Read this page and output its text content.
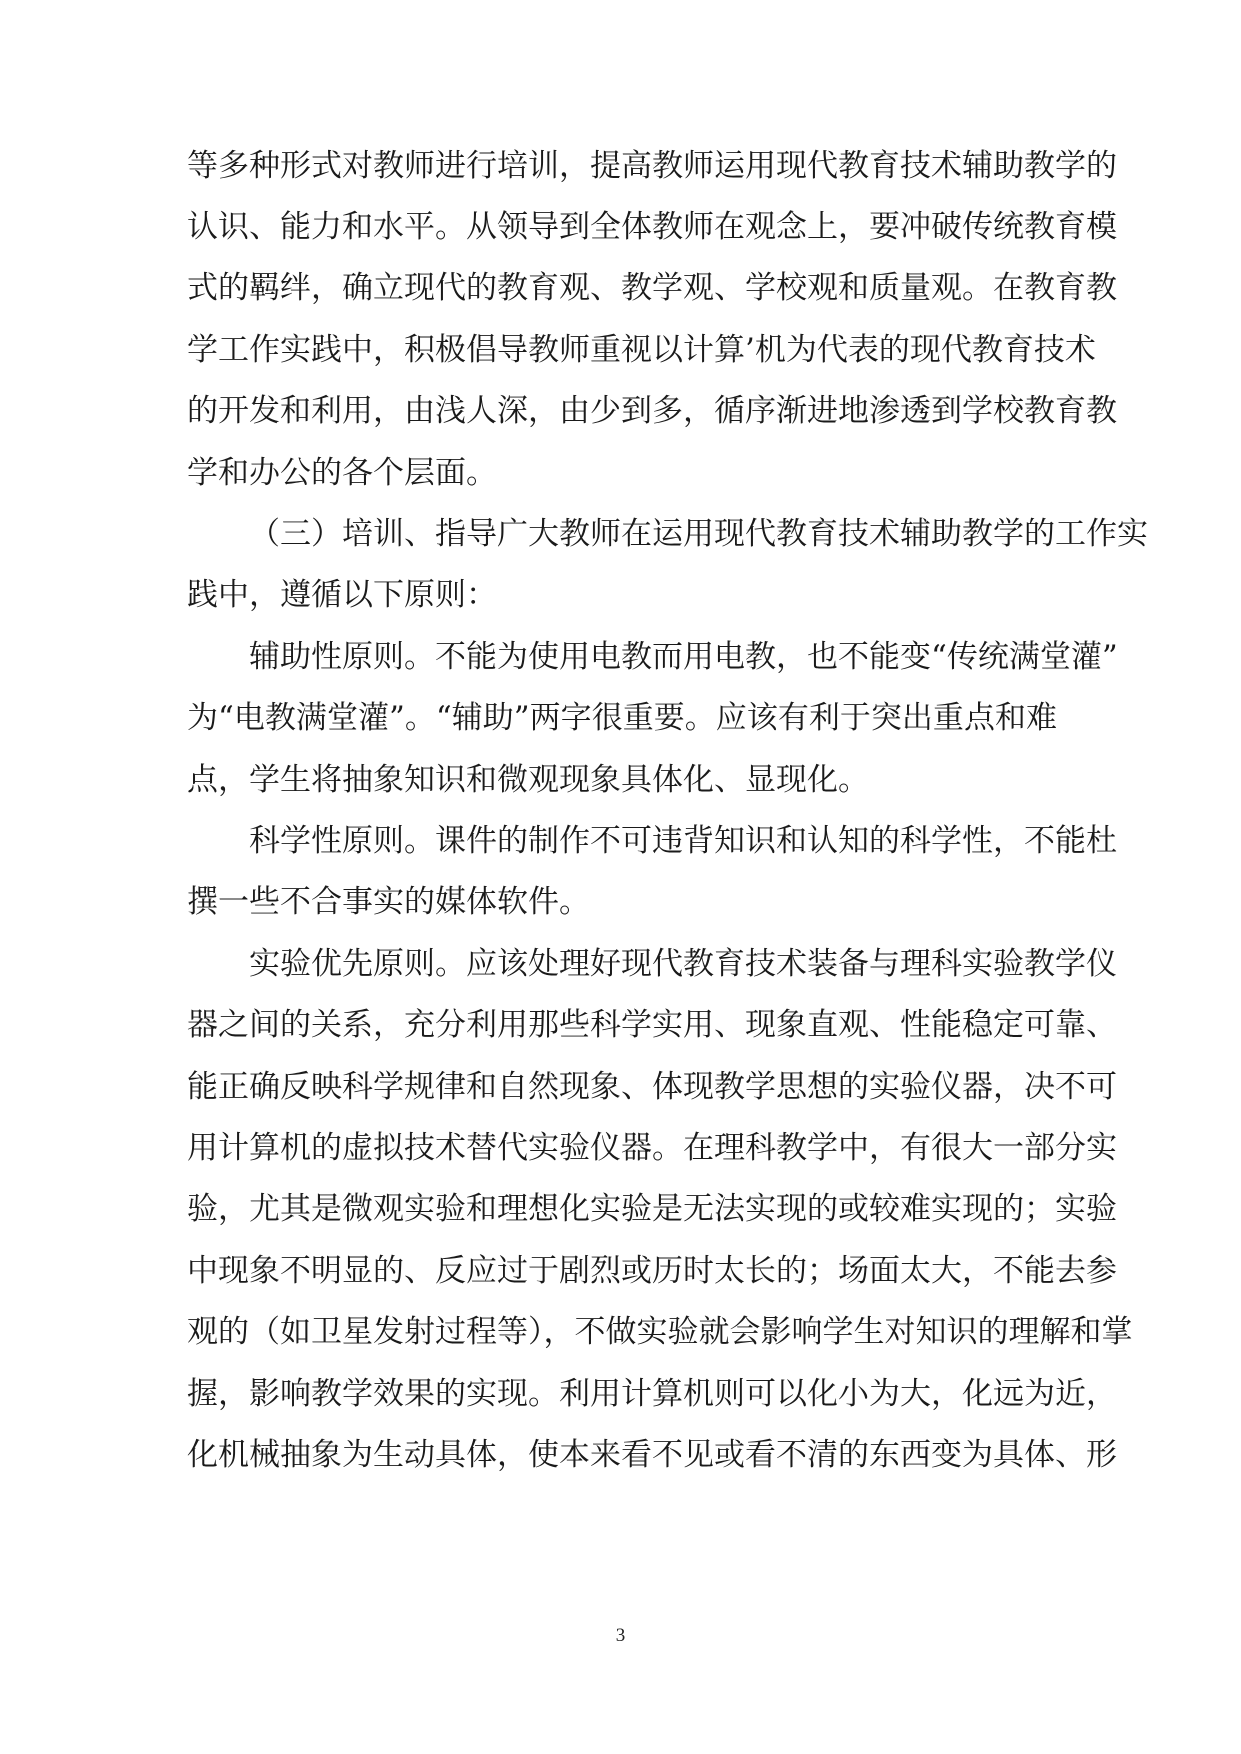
等多种形式对教师进行培训，提高教师运用现代教育技术辅助教学的
认识、能力和水平。从领导到全体教师在观念上，要冲破传统教育模
式的羁绊，确立现代的教育观、教学观、学校观和质量观。在教育教
学工作实践中，积极倡导教师重视以计算’机为代表的现代教育技术
的开发和利用，由浅人深，由少到多，循序渐进地渗透到学校教育教
学和办公的各个层面。
（三）培训、指导广大教师在运用现代教育技术辅助教学的工作实
践中，遵循以下原则：
辅助性原则。不能为使用电教而用电教，也不能变“传统满堂灌”
为“电教满堂灌”。“辅助”两字很重要。应该有利于突出重点和难
点，学生将抽象知识和微观现象具体化、显现化。
科学性原则。课件的制作不可违背知识和认知的科学性，不能杜
撰一些不合事实的媒体软件。
实验优先原则。应该处理好现代教育技术装备与理科实验教学仪
器之间的关系，充分利用那些科学实用、现象直观、性能稳定可靠、
能正确反映科学规律和自然现象、体现教学思想的实验仪器，决不可
用计算机的虚拟技术替代实验仪器。在理科教学中，有很大一部分实
验，尤其是微观实验和理想化实验是无法实现的或较难实现的；实验
中现象不明显的、反应过于剧烈或历时太长的；场面太大，不能去参
观的（如卫星发射过程等），不做实验就会影响学生对知识的理解和掌
握，影响教学效果的实现。利用计算机则可以化小为大，化远为近，
化机械抽象为生动具体，使本来看不见或看不清的东西变为具体、形
3
